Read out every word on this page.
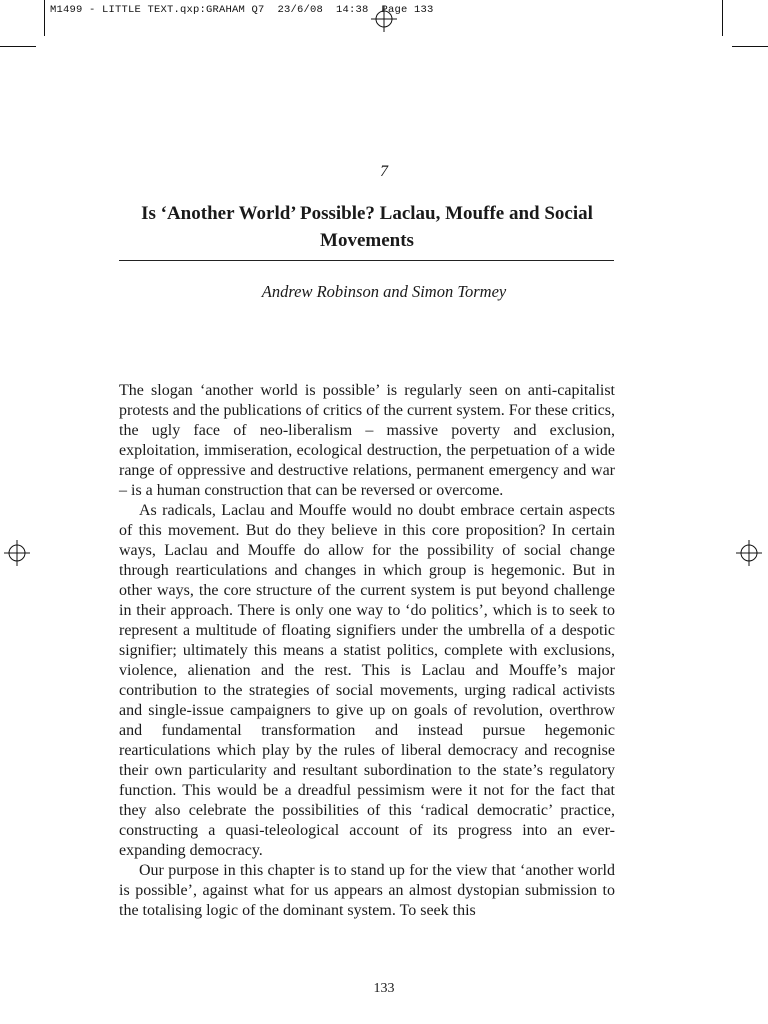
M1499 - LITTLE TEXT.qxp:GRAHAM Q7  23/6/08  14:38  Page 133
7
Is ‘Another World’ Possible? Laclau, Mouffe and Social Movements
Andrew Robinson and Simon Tormey

The slogan ‘another world is possible’ is regularly seen on anti-capitalist protests and the publications of critics of the current system. For these critics, the ugly face of neo-liberalism – massive poverty and exclusion, exploitation, immiseration, ecological destruction, the perpetuation of a wide range of oppressive and destructive relations, permanent emergency and war – is a human construction that can be reversed or overcome.

As radicals, Laclau and Mouffe would no doubt embrace certain aspects of this movement. But do they believe in this core proposition? In certain ways, Laclau and Mouffe do allow for the possibility of social change through rearticulations and changes in which group is hegemonic. But in other ways, the core structure of the current system is put beyond challenge in their approach. There is only one way to ‘do politics’, which is to seek to represent a multitude of floating signifiers under the umbrella of a despotic signifier; ultimately this means a statist politics, complete with exclusions, violence, alienation and the rest. This is Laclau and Mouffe’s major contribution to the strategies of social movements, urging radical activists and single-issue campaigners to give up on goals of revolution, overthrow and fundamental transformation and instead pursue hegemonic rearticulations which play by the rules of liberal democracy and recognise their own particularity and resultant subordination to the state’s regulatory function. This would be a dreadful pessimism were it not for the fact that they also celebrate the possibilities of this ‘radical democratic’ practice, constructing a quasi-teleological account of its progress into an ever-expanding democracy.

Our purpose in this chapter is to stand up for the view that ‘another world is possible’, against what for us appears an almost dystopian submission to the totalising logic of the dominant system. To seek this

133
